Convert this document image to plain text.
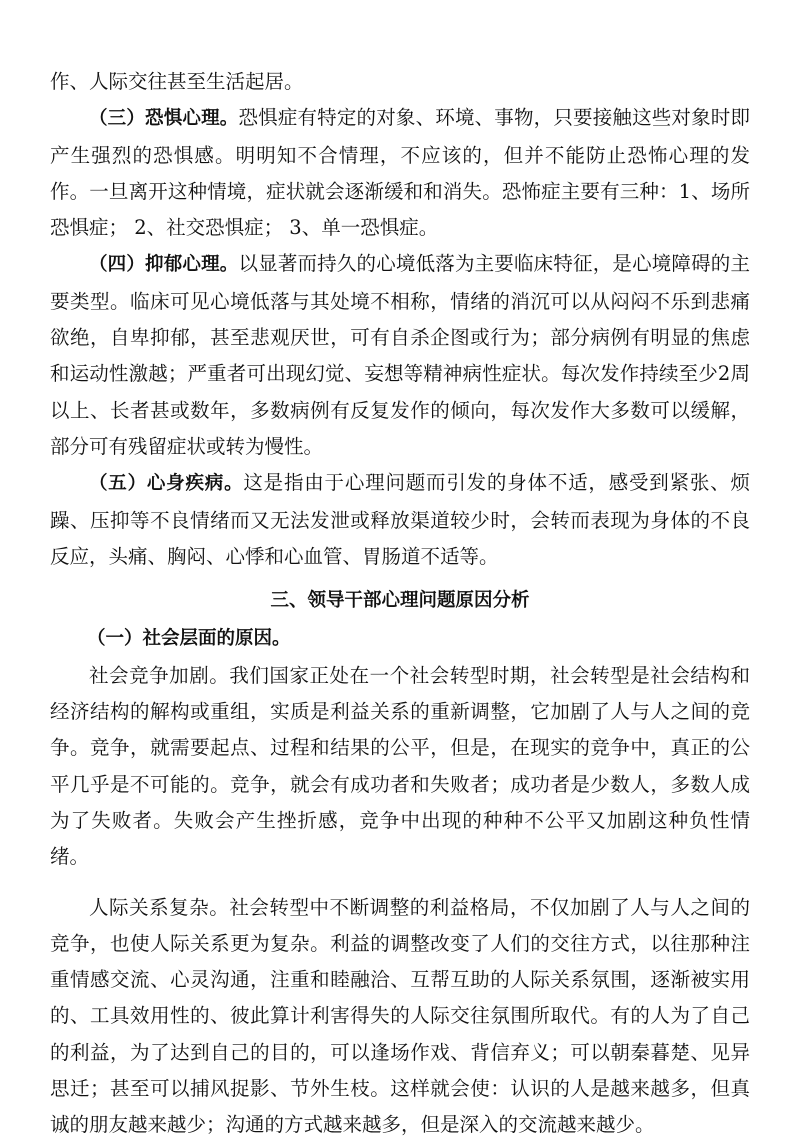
作、人际交往甚至生活起居。

（三）恐惧心理。恐惧症有特定的对象、环境、事物，只要接触这些对象时即产生强烈的恐惧感。明明知不合情理，不应该的，但并不能防止恐怖心理的发作。一旦离开这种情境，症状就会逐渐缓和和消失。恐怖症主要有三种：1、场所恐惧症； 2、社交恐惧症； 3、单一恐惧症。

（四）抑郁心理。以显著而持久的心境低落为主要临床特征，是心境障碍的主要类型。临床可见心境低落与其处境不相称，情绪的消沉可以从闷闷不乐到悲痛欲绝，自卑抑郁，甚至悲观厌世，可有自杀企图或行为；部分病例有明显的焦虑和运动性激越；严重者可出现幻觉、妄想等精神病性症状。每次发作持续至少2周以上、长者甚或数年，多数病例有反复发作的倾向，每次发作大多数可以缓解，部分可有残留症状或转为慢性。

（五）心身疾病。这是指由于心理问题而引发的身体不适，感受到紧张、烦躁、压抑等不良情绪而又无法发泄或释放渠道较少时，会转而表现为身体的不良反应，头痛、胸闷、心悸和心血管、胃肠道不适等。

三、领导干部心理问题原因分析

（一）社会层面的原因。

社会竞争加剧。我们国家正处在一个社会转型时期，社会转型是社会结构和经济结构的解构或重组，实质是利益关系的重新调整，它加剧了人与人之间的竞争。竞争，就需要起点、过程和结果的公平，但是，在现实的竞争中，真正的公平几乎是不可能的。竞争，就会有成功者和失败者；成功者是少数人，多数人成为了失败者。失败会产生挫折感，竞争中出现的种种不公平又加剧这种负性情绪。

人际关系复杂。社会转型中不断调整的利益格局，不仅加剧了人与人之间的竞争，也使人际关系更为复杂。利益的调整改变了人们的交往方式，以往那种注重情感交流、心灵沟通，注重和睦融洽、互帮互助的人际关系氛围，逐渐被实用的、工具效用性的、彼此算计利害得失的人际交往氛围所取代。有的人为了自己的利益，为了达到自己的目的，可以逢场作戏、背信弃义；可以朝秦暮楚、见异思迁；甚至可以捕风捉影、节外生枝。这样就会使：认识的人是越来越多，但真诚的朋友越来越少；沟通的方式越来越多，但是深入的交流越来越少。
